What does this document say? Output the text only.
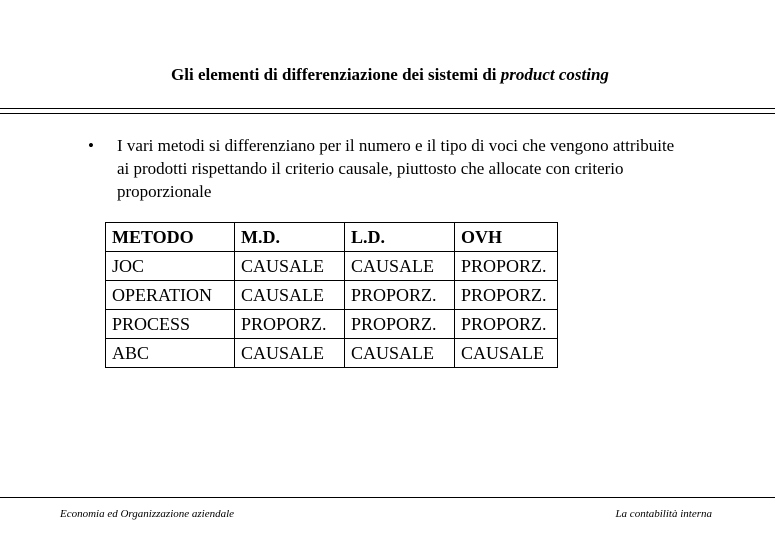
Gli elementi di differenziazione dei sistemi di product costing
• I vari metodi si differenziano per il numero e il tipo di voci che vengono attribuite ai prodotti rispettando il criterio causale, piuttosto che allocate con criterio proporzionale
METODO	M.D.	L.D.	OVH
JOC	CAUSALE	CAUSALE	PROPORZ.
OPERATION	CAUSALE	PROPORZ.	PROPORZ.
PROCESS	PROPORZ.	PROPORZ.	PROPORZ.
ABC	CAUSALE	CAUSALE	CAUSALE
Economia ed Organizzazione aziendale	La contabilità interna
